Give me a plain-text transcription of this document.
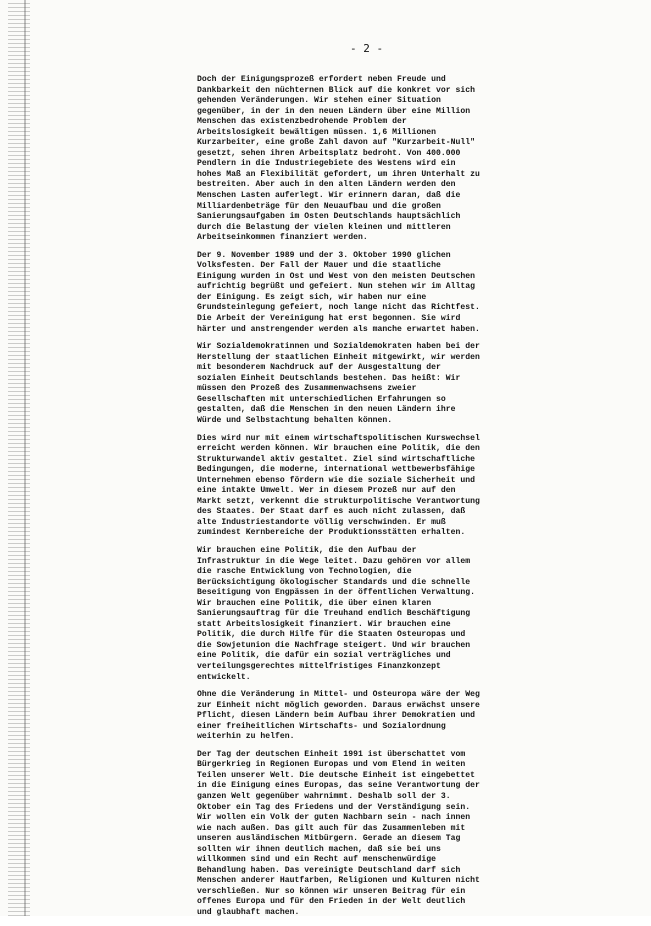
- 2 -
Doch der Einigungsprozeß erfordert neben Freude und
Dankbarkeit den nüchternen Blick auf die konkret vor sich
gehenden Veränderungen. Wir stehen einer Situation
gegenüber, in der in den neuen Ländern über eine Million
Menschen das existenzbedrohende Problem der
Arbeitslosigkeit bewältigen müssen. 1,6 Millionen
Kurzarbeiter, eine große Zahl davon auf "Kurzarbeit-Null"
gesetzt, sehen ihren Arbeitsplatz bedroht. Von 400.000
Pendlern in die Industriegebiete des Westens wird ein
hohes Maß an Flexibilität gefordert, um ihren Unterhalt zu
bestreiten. Aber auch in den alten Ländern werden den
Menschen Lasten auferlegt. Wir erinnern daran, daß die
Milliardenbeträge für den Neuaufbau und die großen
Sanierungsaufgaben im Osten Deutschlands hauptsächlich
durch die Belastung der vielen kleinen und mittleren
Arbeitseinkommen finanziert werden.
Der 9. November 1989 und der 3. Oktober 1990 glichen
Volksfesten. Der Fall der Mauer und die staatliche
Einigung wurden in Ost und West von den meisten Deutschen
aufrichtig begrüßt und gefeiert. Nun stehen wir im Alltag
der Einigung. Es zeigt sich, wir haben nur eine
Grundsteinlegung gefeiert, noch lange nicht das Richtfest.
Die Arbeit der Vereinigung hat erst begonnen. Sie wird
härter und anstrengender werden als manche erwartet haben.
Wir Sozialdemokratinnen und Sozialdemokraten haben bei der
Herstellung der staatlichen Einheit mitgewirkt, wir werden
mit besonderem Nachdruck auf der Ausgestaltung der
sozialen Einheit Deutschlands bestehen. Das heißt: Wir
müssen den Prozeß des Zusammenwachsens zweier
Gesellschaften mit unterschiedlichen Erfahrungen so
gestalten, daß die Menschen in den neuen Ländern ihre
Würde und Selbstachtung behalten können.
Dies wird nur mit einem wirtschaftspolitischen Kurswechsel
erreicht werden können. Wir brauchen eine Politik, die den
Strukturwandel aktiv gestaltet. Ziel sind wirtschaftliche
Bedingungen, die moderne, international wettbewerbsfähige
Unternehmen ebenso fördern wie die soziale Sicherheit und
eine intakte Umwelt. Wer in diesem Prozeß nur auf den
Markt setzt, verkennt die strukturpolitische Verantwortung
des Staates. Der Staat darf es auch nicht zulassen, daß
alte Industriestandorte völlig verschwinden. Er muß
zumindest Kernbereiche der Produktionsstätten erhalten.
Wir brauchen eine Politik, die den Aufbau der
Infrastruktur in die Wege leitet. Dazu gehören vor allem
die rasche Entwicklung von Technologien, die
Berücksichtigung ökologischer Standards und die schnelle
Beseitigung von Engpässen in der öffentlichen Verwaltung.
Wir brauchen eine Politik, die über einen klaren
Sanierungsauftrag für die Treuhand endlich Beschäftigung
statt Arbeitslosigkeit finanziert. Wir brauchen eine
Politik, die durch Hilfe für die Staaten Osteuropas und
die Sowjetunion die Nachfrage steigert. Und wir brauchen
eine Politik, die dafür ein sozial verträgliches und
verteilungsgerechtes mittelfristiges Finanzkonzept
entwickelt.
Ohne die Veränderung in Mittel- und Osteuropa wäre der Weg
zur Einheit nicht möglich geworden. Daraus erwächst unsere
Pflicht, diesen Ländern beim Aufbau ihrer Demokratien und
einer freiheitlichen Wirtschafts- und Sozialordnung
weiterhin zu helfen.
Der Tag der deutschen Einheit 1991 ist überschattet vom
Bürgerkrieg in Regionen Europas und vom Elend in weiten
Teilen unserer Welt. Die deutsche Einheit ist eingebettet
in die Einigung eines Europas, das seine Verantwortung der
ganzen Welt gegenüber wahrnimmt. Deshalb soll der 3.
Oktober ein Tag des Friedens und der Verständigung sein.
Wir wollen ein Volk der guten Nachbarn sein - nach innen
wie nach außen. Das gilt auch für das Zusammenleben mit
unseren ausländischen Mitbürgern. Gerade an diesem Tag
sollten wir ihnen deutlich machen, daß sie bei uns
willkommen sind und ein Recht auf menschenwürdige
Behandlung haben. Das vereinigte Deutschland darf sich
Menschen anderer Hautfarben, Religionen und Kulturen nicht
verschließen. Nur so können wir unseren Beitrag für ein
offenes Europa und für den Frieden in der Welt deutlich
und glaubhaft machen.
